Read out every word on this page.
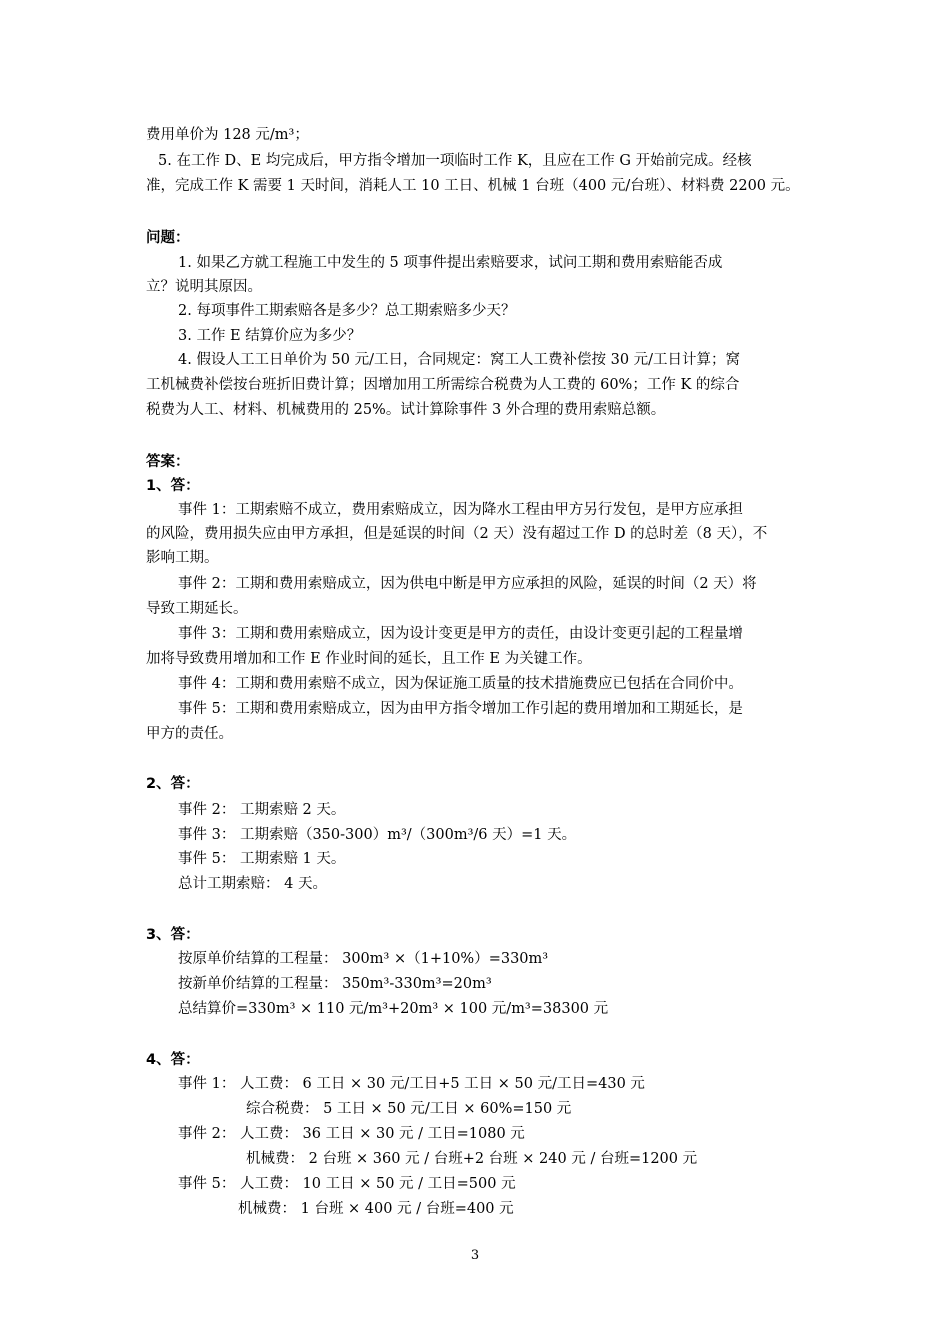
费用单价为 128 元/m³；
5. 在工作 D、E 均完成后，甲方指令增加一项临时工作 K，且应在工作 G 开始前完成。经核
准，完成工作 K 需要 1 天时间，消耗人工 10 工日、机械 1 台班（400 元/台班）、材料费 2200 元。
问题：
1. 如果乙方就工程施工中发生的 5 项事件提出索赔要求，试问工期和费用索赔能否成
立？说明其原因。
2. 每项事件工期索赔各是多少？总工期索赔多少天？
3. 工作 E 结算价应为多少？
4. 假设人工工日单价为 50 元/工日，合同规定：窝工人工费补偿按 30 元/工日计算；窝
工机械费补偿按台班折旧费计算；因增加用工所需综合税费为人工费的 60%；工作 K 的综合
税费为人工、材料、机械费用的 25%。试计算除事件 3 外合理的费用索赔总额。
答案：
1、答：
事件 1：工期索赔不成立，费用索赔成立，因为降水工程由甲方另行发包，是甲方应承担
的风险，费用损失应由甲方承担，但是延误的时间（2 天）没有超过工作 D 的总时差（8 天），不
影响工期。
事件 2：工期和费用索赔成立，因为供电中断是甲方应承担的风险，延误的时间（2 天）将
导致工期延长。
事件 3：工期和费用索赔成立，因为设计变更是甲方的责任，由设计变更引起的工程量增
加将导致费用增加和工作 E 作业时间的延长，且工作 E 为关键工作。
事件 4：工期和费用索赔不成立，因为保证施工质量的技术措施费应已包括在合同价中。
事件 5：工期和费用索赔成立，因为由甲方指令增加工作引起的费用增加和工期延长，是
甲方的责任。
2、答：
事件 2： 工期索赔 2 天。
事件 3： 工期索赔（350-300）m³/（300m³/6 天）=1 天。
事件 5： 工期索赔 1 天。
总计工期索赔： 4 天。
3、答：
按原单价结算的工程量： 300m³ ×（1+10%）=330m³
按新单价结算的工程量： 350m³-330m³=20m³
总结算价=330m³ × 110 元/m³+20m³ × 100 元/m³=38300 元
4、答：
事件 1： 人工费： 6 工日 × 30 元/工日+5 工日 × 50 元/工日=430 元
综合税费： 5 工日 × 50 元/工日 × 60%=150 元
事件 2： 人工费： 36 工日 × 30 元 / 工日=1080 元
机械费： 2 台班 × 360 元 / 台班+2 台班 × 240 元 / 台班=1200 元
事件 5： 人工费： 10 工日 × 50 元 / 工日=500 元
机械费： 1 台班 × 400 元 / 台班=400 元
3
